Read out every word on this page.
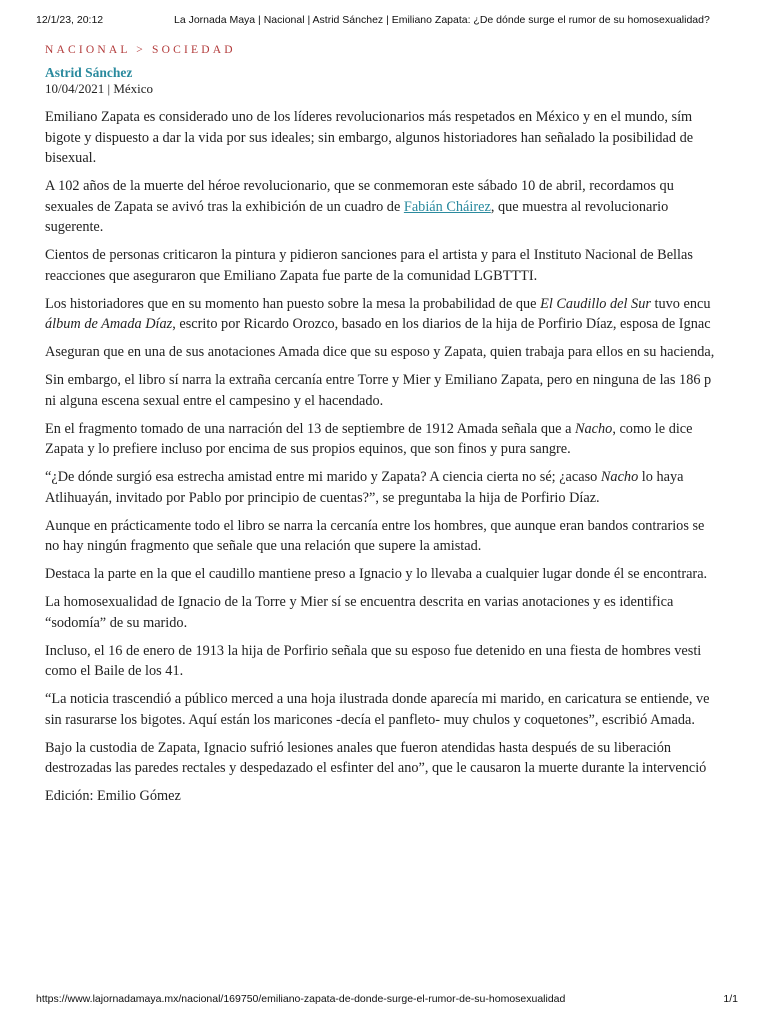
12/1/23, 20:12	La Jornada Maya | Nacional | Astrid Sánchez | Emiliano Zapata: ¿De dónde surge el rumor de su homosexualidad?
NACIONAL > SOCIEDAD
Astrid Sánchez
10/04/2021 | México

Emiliano Zapata es considerado uno de los líderes revolucionarios más respetados en México y en el mundo, sím
bigote y dispuesto a dar la vida por sus ideales; sin embargo, algunos historiadores han señalado la posibilidad de
bisexual.

A 102 años de la muerte del héroe revolucionario, que se conmemoran este sábado 10 de abril, recordamos qu
sexuales de Zapata se avivó tras la exhibición de un cuadro de Fabián Cháirez, que muestra al revolucionario
sugerente.

Cientos de personas criticaron la pintura y pidieron sanciones para el artista y para el Instituto Nacional de Bellas
reacciones que aseguraron que Emiliano Zapata fue parte de la comunidad LGBTTTI.

Los historiadores que en su momento han puesto sobre la mesa la probabilidad de que El Caudillo del Sur tuvo encu
álbum de Amada Díaz, escrito por Ricardo Orozco, basado en los diarios de la hija de Porfirio Díaz, esposa de Ignac

Aseguran que en una de sus anotaciones Amada dice que su esposo y Zapata, quien trabaja para ellos en su hacienda,

Sin embargo, el libro sí narra la extraña cercanía entre Torre y Mier y Emiliano Zapata, pero en ninguna de las 186 p
ni alguna escena sexual entre el campesino y el hacendado.

En el fragmento tomado de una narración del 13 de septiembre de 1912 Amada señala que a Nacho, como le dice
Zapata y lo prefiere incluso por encima de sus propios equinos, que son finos y pura sangre.

“¿De dónde surgió esa estrecha amistad entre mi marido y Zapata? A ciencia cierta no sé; ¿acaso Nacho lo haya
Atlihuayán, invitado por Pablo por principio de cuentas?”, se preguntaba la hija de Porfirio Díaz.

Aunque en prácticamente todo el libro se narra la cercanía entre los hombres, que aunque eran bandos contrarios se
no hay ningún fragmento que señale que una relación que supere la amistad.

Destaca la parte en la que el caudillo mantiene preso a Ignacio y lo llevaba a cualquier lugar donde él se encontrara.

La homosexualidad de Ignacio de la Torre y Mier sí se encuentra descrita en varias anotaciones y es identifica
“sodomía” de su marido.

Incluso, el 16 de enero de 1913 la hija de Porfirio señala que su esposo fue detenido en una fiesta de hombres vesti
como el Baile de los 41.

“La noticia trascendió a público merced a una hoja ilustrada donde aparecía mi marido, en caricatura se entiende, ve
sin rasurarse los bigotes. Aquí están los maricones -decía el panfleto- muy chulos y coquetones”, escribió Amada.

Bajo la custodia de Zapata, Ignacio sufrió lesiones anales que fueron atendidas hasta después de su liberación
destrozadas las paredes rectales y despedazado el esfinter del ano”, que le causaron la muerte durante la intervenció

Edición: Emilio Gómez
https://www.lajornadamaya.mx/nacional/169750/emiliano-zapata-de-donde-surge-el-rumor-de-su-homosexualidad	1/1
